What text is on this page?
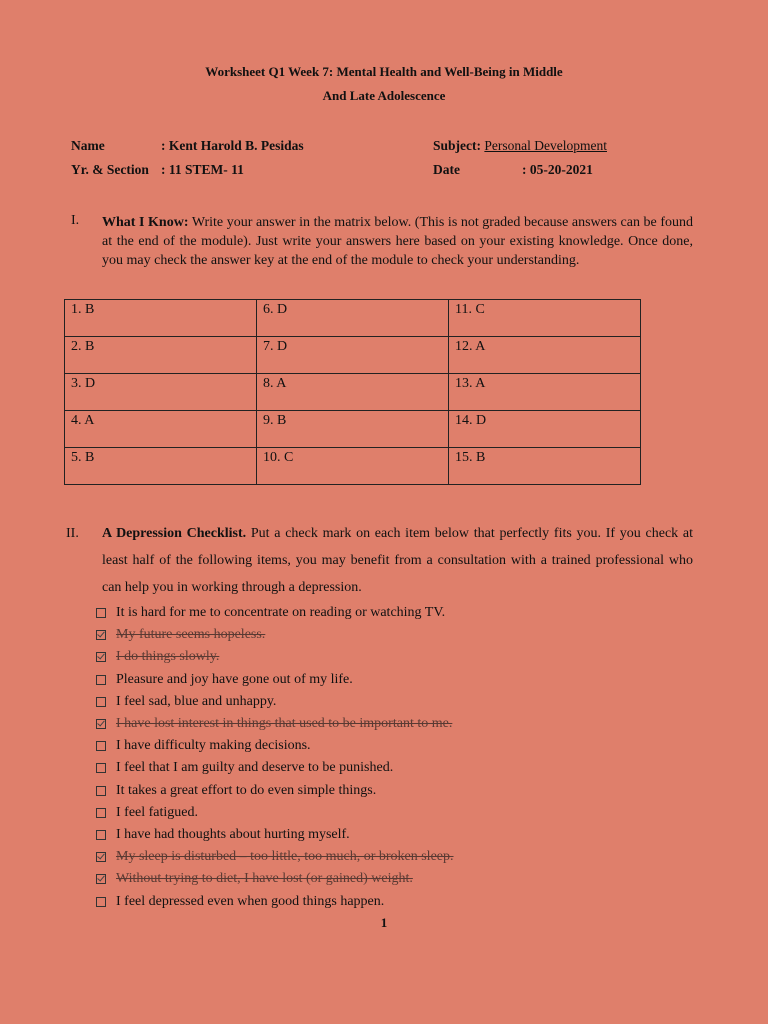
Worksheet Q1 Week 7: Mental Health and Well-Being in Middle
And Late Adolescence
Name	: Kent Harold B. Pesidas
Yr. & Section : 11 STEM- 11
Subject: Personal Development
Date	: 05-20-2021
I. What I Know: Write your answer in the matrix below. (This is not graded because answers can be found at the end of the module). Just write your answers here based on your existing knowledge. Once done, you may check the answer key at the end of the module to check your understanding.
1. B	6. D	11. C
2. B	7. D	12. A
3. D	8. A	13. A
4. A	9. B	14. D
5. B	10. C	15. B
II. A Depression Checklist. Put a check mark on each item below that perfectly fits you. If you check at least half of the following items, you may benefit from a consultation with a trained professional who can help you in working through a depression.
It is hard for me to concentrate on reading or watching TV.
My future seems hopeless.
I do things slowly.
Pleasure and joy have gone out of my life.
I feel sad, blue and unhappy.
I have lost interest in things that used to be important to me.
I have difficulty making decisions.
I feel that I am guilty and deserve to be punished.
It takes a great effort to do even simple things.
I feel fatigued.
I have had thoughts about hurting myself.
My sleep is disturbed – too little, too much, or broken sleep.
Without trying to diet, I have lost (or gained) weight.
I feel depressed even when good things happen.
1
